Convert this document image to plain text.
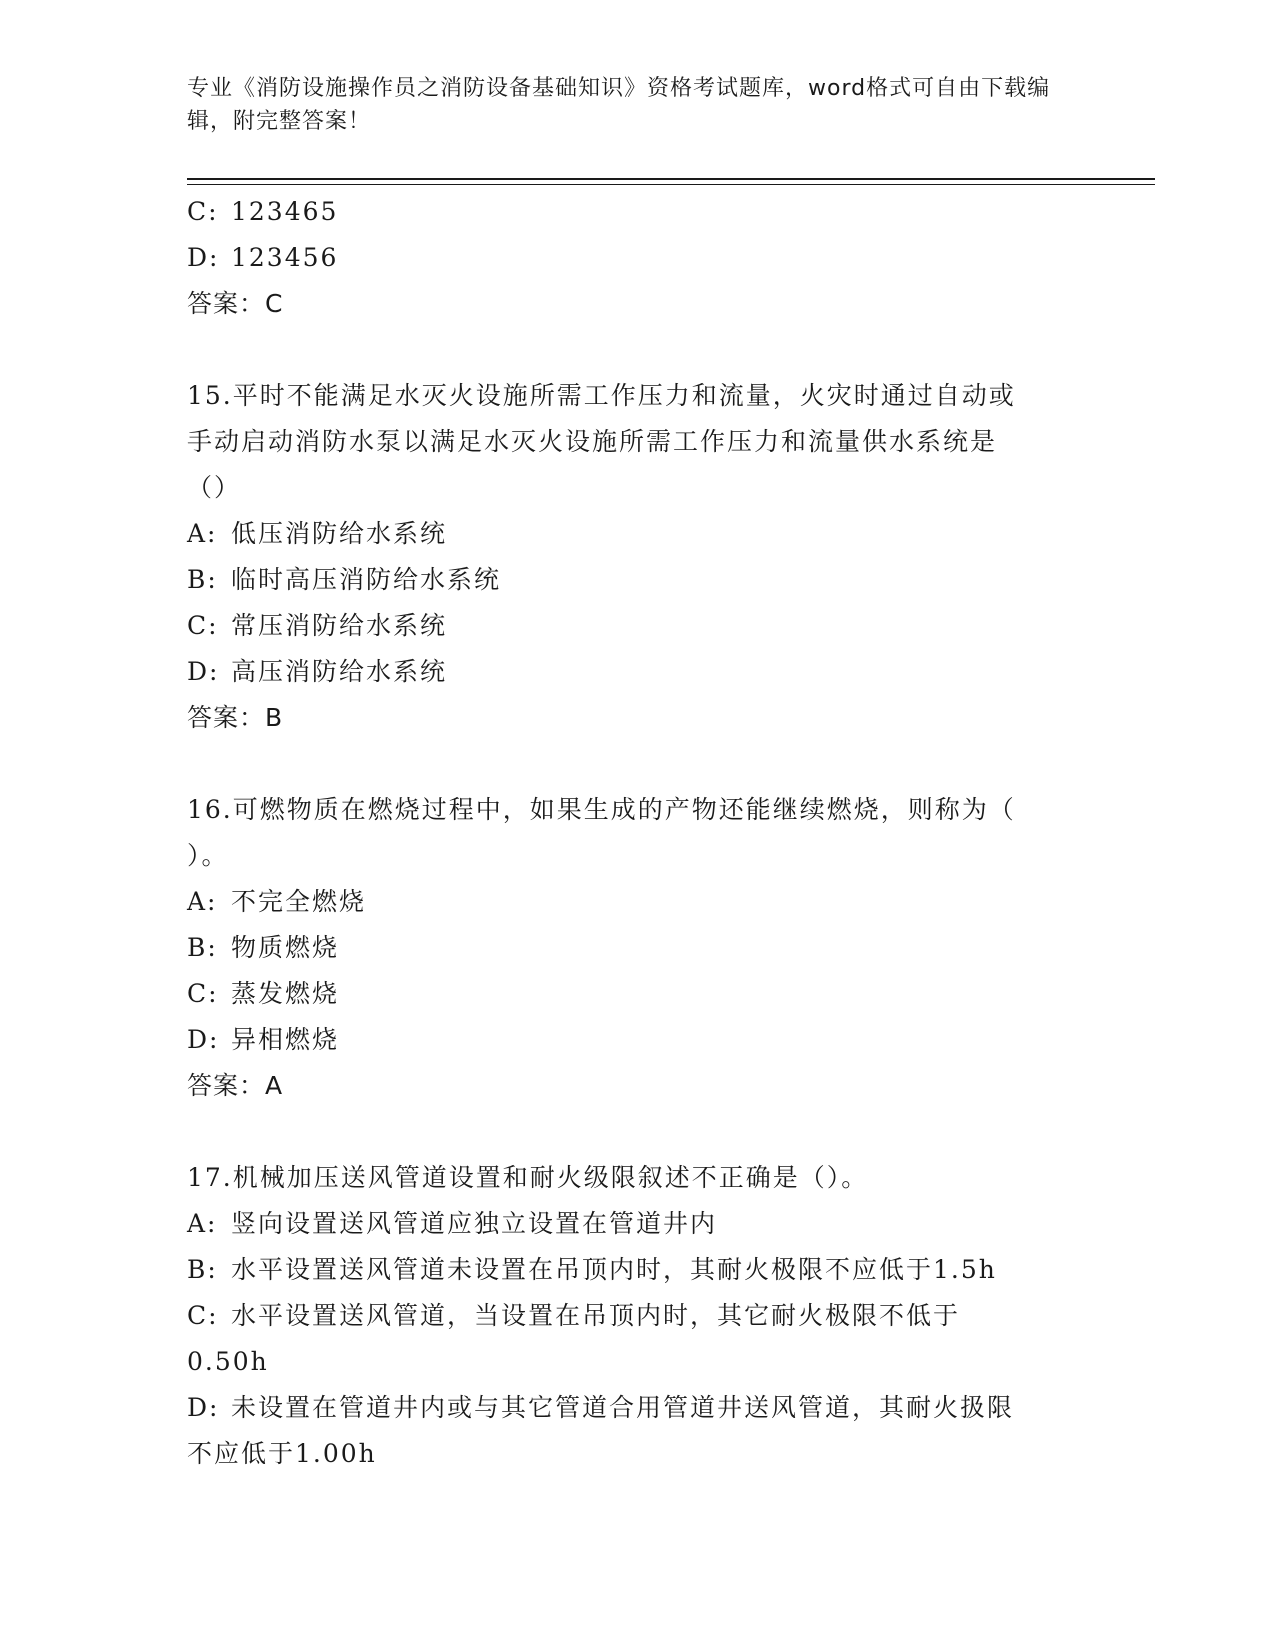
专业《消防设施操作员之消防设备基础知识》资格考试题库，word格式可自由下载编辑，附完整答案！
C: 123465
D: 123456
答案：C
15.平时不能满足水灭火设施所需工作压力和流量，火灾时通过自动或
手动启动消防水泵以满足水灭火设施所需工作压力和流量供水系统是
（）
A: 低压消防给水系统
B: 临时高压消防给水系统
C: 常压消防给水系统
D: 高压消防给水系统
答案：B
16.可燃物质在燃烧过程中，如果生成的产物还能继续燃烧，则称为（
）。
A: 不完全燃烧
B: 物质燃烧
C: 蒸发燃烧
D: 异相燃烧
答案：A
17.机械加压送风管道设置和耐火级限叙述不正确是（）。
A: 竖向设置送风管道应独立设置在管道井内
B: 水平设置送风管道未设置在吊顶内时，其耐火极限不应低于1.5h
C: 水平设置送风管道，当设置在吊顶内时，其它耐火极限不低于
0.50h
D: 未设置在管道井内或与其它管道合用管道井送风管道，其耐火扱限
不应低于1.00h
